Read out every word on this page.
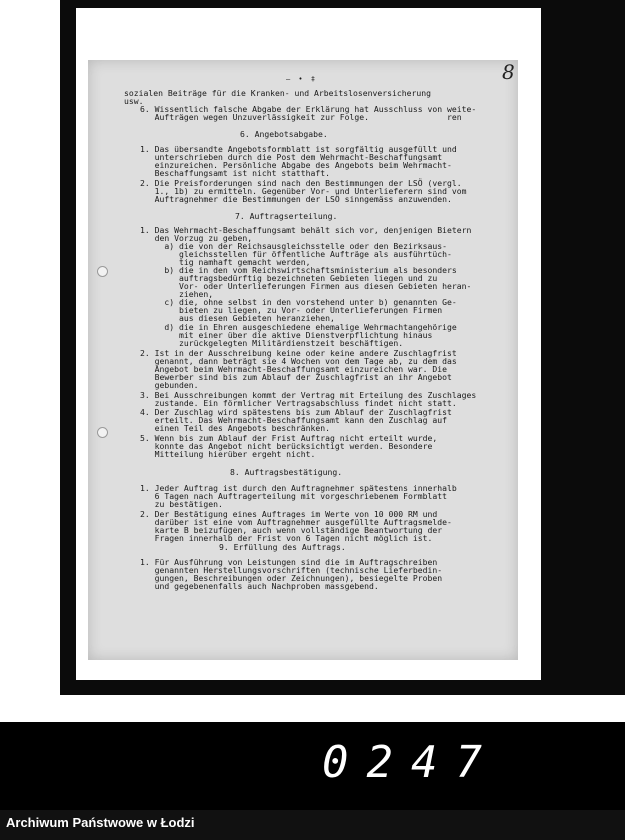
— • ‡	8
sozialen Beiträge für die Kranken- und Arbeitslosenversicherung
usw.
6. Wissentlich falsche Abgabe der Erklärung hat Ausschluss von weite-
Aufträgen wegen Unzuverlässigkeit zur Folge.                ren
6. Angebotsabgabe.
1. Das übersandte Angebotsformblatt ist sorgfältig ausgefüllt und
unterschrieben durch die Post dem Wehrmacht-Beschaffungsamt
einzureichen. Persönliche Abgabe des Angebots beim Wehrmacht-
Beschaffungsamt ist nicht statthaft.
2. Die Preisforderungen sind nach den Bestimmungen der LSÖ (vergl.
1., 1b) zu ermitteln. Gegenüber Vor- und Unterlieferern sind vom
Auftragnehmer die Bestimmungen der LSÖ sinngemäss anzuwenden.
7. Auftragserteilung.
1. Das Wehrmacht-Beschaffungsamt behält sich vor, denjenigen Bietern
den Vorzug zu geben,
a) die von der Reichsausgleichsstelle oder den Bezirksaus-
gleichsstellen für öffentliche Aufträge als ausführtüch-
tig namhaft gemacht werden,
b) die in den vom Reichswirtschaftsministerium als besonders
auftragsbedürftig bezeichneten Gebieten liegen und zu
Vor- oder Unterlieferungen Firmen aus diesen Gebieten heran-
ziehen,
c) die, ohne selbst in den vorstehend unter b) genannten Ge-
bieten zu liegen, zu Vor- oder Unterlieferungen Firmen
aus diesen Gebieten heranziehen,
d) die in Ehren ausgeschiedene ehemalige Wehrmachtangehörige
mit einer über die aktive Dienstverpflichtung hinaus
zurückgelegten Militärdienstzeit beschäftigen.
2. Ist in der Ausschreibung keine oder keine andere Zuschlagfrist
genannt, dann beträgt sie 4 Wochen von dem Tage ab, zu dem das
Angebot beim Wehrmacht-Beschaffungsamt einzureichen war. Die
Bewerber sind bis zum Ablauf der Zuschlagfrist an ihr Angebot
gebunden.
3. Bei Ausschreibungen kommt der Vertrag mit Erteilung des Zuschlages
zustande. Ein förmlicher Vertragsabschluss findet nicht statt.
4. Der Zuschlag wird spätestens bis zum Ablauf der Zuschlagfrist
erteilt. Das Wehrmacht-Beschaffungsamt kann den Zuschlag auf
einen Teil des Angebots beschränken.
5. Wenn bis zum Ablauf der Frist Auftrag nicht erteilt wurde,
konnte das Angebot nicht berücksichtigt werden. Besondere
Mitteilung hierüber ergeht nicht.
8. Auftragsbestätigung.
1. Jeder Auftrag ist durch den Auftragnehmer spätestens innerhalb
6 Tagen nach Auftragerteilung mit vorgeschriebenem Formblatt
zu bestätigen.
2. Der Bestätigung eines Auftrages im Werte von 10 000 RM und
darüber ist eine vom Auftragnehmer ausgefüllte Auftragsmelde-
karte B beizufügen, auch wenn vollständige Beantwortung der
Fragen innerhalb der Frist von 6 Tagen nicht möglich ist.
9. Erfüllung des Auftrags.
1. Für Ausführung von Leistungen sind die im Auftragschreiben
genannten Herstellungsvorschriften (technische Lieferbedin-
gungen, Beschreibungen oder Zeichnungen), besiegelte Proben
und gegebenenfalls auch Nachproben massgebend.
0247
Archiwum Państwowe w Łodzi
